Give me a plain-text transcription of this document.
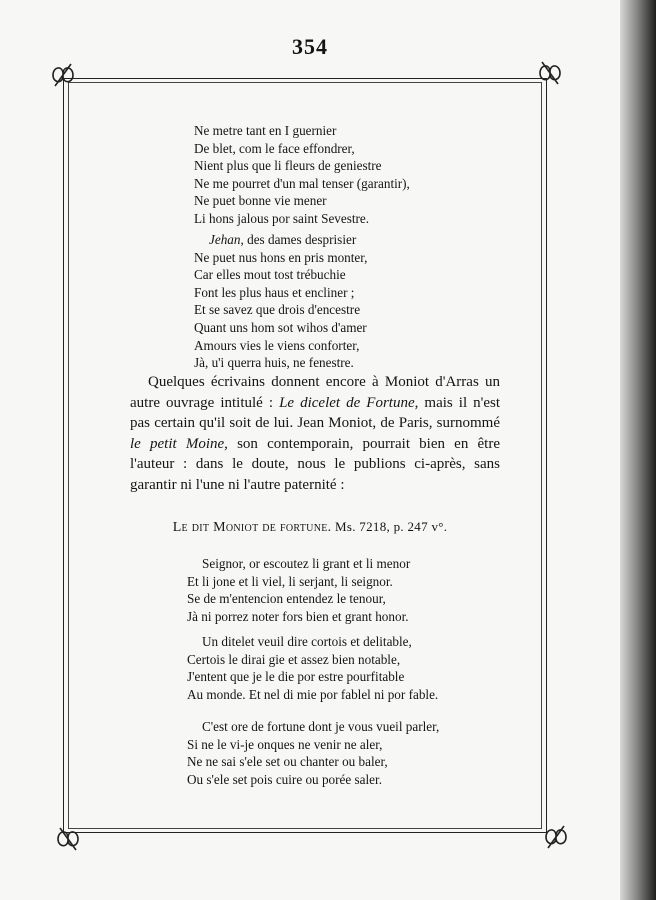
354
Ne metre tant en I guernier
De blet, com le face effondrer,
Nient plus que li fleurs de geniestre
Ne me pourret d'un mal tenser (garantir),
Ne puet bonne vie mener
Li hons jalous por saint Sevestre.
Jehan, des dames desprisier
Ne puet nus hons en pris monter,
Car elles mout tost trébuchie
Font les plus haus et encliner ;
Et se savez que drois d'encestre
Quant uns hom sot wihos d'amer
Amours vies le viens conforter,
Jà, u'i querra huis, ne fenestre.

Quelques écrivains donnent encore à Moniot d'Arras un autre ouvrage intitulé : Le dicelet de Fortune, mais il n'est pas certain qu'il soit de lui. Jean Moniot, de Paris, surnommé le petit Moine, son contemporain, pourrait bien en être l'auteur : dans le doute, nous le publions ci-après, sans garantir ni l'une ni l'autre paternité :

Le dit Moniot de fortune. Ms. 7218, p. 247 v°.
Seignor, or escoutez li grant et li menor
Et li jone et li viel, li serjant, li seignor.
Se de m'entencion entendez le tenour,
Jà ni porrez noter fors bien et grant honor.
Un ditelet veuil dire cortois et delitable,
Certois le dirai gie et assez bien notable,
J'entent que je le die por estre pourfitable
Au monde. Et nel di mie por fablel ni por fable.
C'est ore de fortune dont je vous vueil parler,
Si ne le vi-je onques ne venir ne aler,
Ne ne sai s'ele set ou chanter ou baler,
Ou s'ele set pois cuire ou porée saler.
